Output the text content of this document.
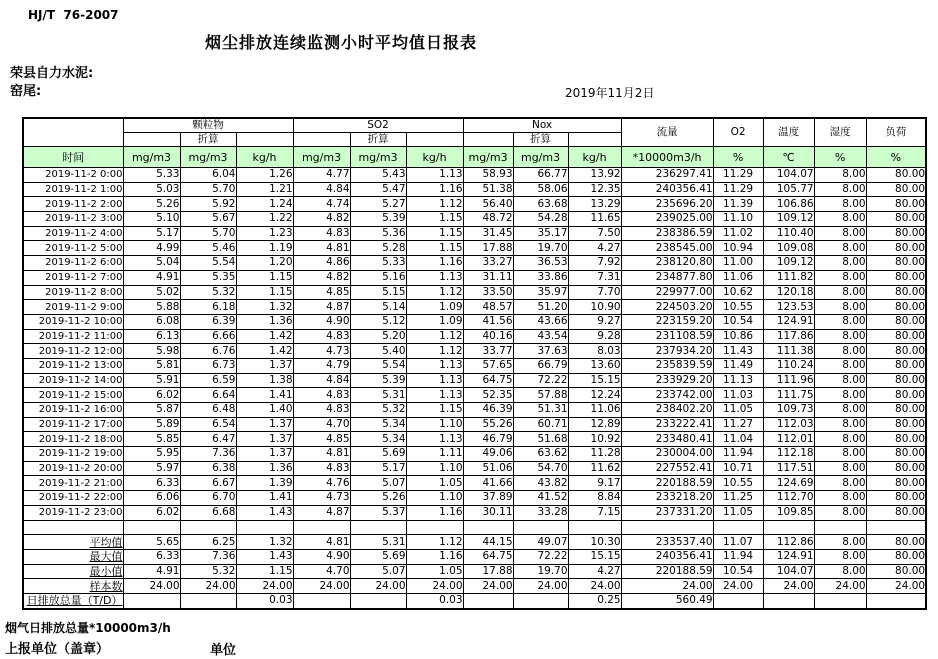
HJ/T  76-2007
烟尘排放连续监测小时平均值日报表
荣县自力水泥:
窑尾:	2019年11月2日
	颗粒物			SO2			Nox			流量	O2	温度	湿度	负荷
		折算			折算			折算						
时间	mg/m3	mg/m3	kg/h	mg/m3	mg/m3	kg/h	mg/m3	mg/m3	kg/h	*10000m3/h	%	℃	%	%

2019-11-2 0:00	5.33	6.04	1.26	4.77	5.43	1.13	58.93	66.77	13.92	236297.41	11.29	104.07	8.00	80.00

2019-11-2 1:00	5.03	5.70	1.21	4.84	5.47	1.16	51.38	58.06	12.35	240356.41	11.29	105.77	8.00	80.00

2019-11-2 2:00	5.26	5.92	1.24	4.74	5.27	1.12	56.40	63.68	13.29	235696.20	11.39	106.86	8.00	80.00

2019-11-2 3:00	5.10	5.67	1.22	4.82	5.39	1.15	48.72	54.28	11.65	239025.00	11.10	109.12	8.00	80.00

2019-11-2 4:00	5.17	5.70	1.23	4.83	5.36	1.15	31.45	35.17	7.50	238386.59	11.02	110.40	8.00	80.00

2019-11-2 5:00	4.99	5.46	1.19	4.81	5.28	1.15	17.88	19.70	4.27	238545.00	10.94	109.08	8.00	80.00

2019-11-2 6:00	5.04	5.54	1.20	4.86	5.33	1.16	33.27	36.53	7.92	238120.80	11.00	109.12	8.00	80.00

2019-11-2 7:00	4.91	5.35	1.15	4.82	5.16	1.13	31.11	33.86	7.31	234877.80	11.06	111.82	8.00	80.00

2019-11-2 8:00	5.02	5.32	1.15	4.85	5.15	1.12	33.50	35.97	7.70	229977.00	10.62	120.18	8.00	80.00

2019-11-2 9:00	5.88	6.18	1.32	4.87	5.14	1.09	48.57	51.20	10.90	224503.20	10.55	123.53	8.00	80.00

2019-11-2 10:00	6.08	6.39	1.36	4.90	5.12	1.09	41.56	43.66	9.27	223159.20	10.54	124.91	8.00	80.00

2019-11-2 11:00	6.13	6.66	1.42	4.83	5.20	1.12	40.16	43.54	9.28	231108.59	10.86	117.86	8.00	80.00

2019-11-2 12:00	5.98	6.76	1.42	4.73	5.40	1.12	33.77	37.63	8.03	237934.20	11.43	111.38	8.00	80.00

2019-11-2 13:00	5.81	6.73	1.37	4.79	5.54	1.13	57.65	66.79	13.60	235839.59	11.49	110.24	8.00	80.00

2019-11-2 14:00	5.91	6.59	1.38	4.84	5.39	1.13	64.75	72.22	15.15	233929.20	11.13	111.96	8.00	80.00

2019-11-2 15:00	6.02	6.64	1.41	4.83	5.31	1.13	52.35	57.88	12.24	233742.00	11.03	111.75	8.00	80.00

2019-11-2 16:00	5.87	6.48	1.40	4.83	5.32	1.15	46.39	51.31	11.06	238402.20	11.05	109.73	8.00	80.00

2019-11-2 17:00	5.89	6.54	1.37	4.70	5.34	1.10	55.26	60.71	12.89	233222.41	11.27	112.03	8.00	80.00

2019-11-2 18:00	5.85	6.47	1.37	4.85	5.34	1.13	46.79	51.68	10.92	233480.41	11.04	112.01	8.00	80.00

2019-11-2 19:00	5.95	7.36	1.37	4.81	5.69	1.11	49.06	63.62	11.28	230004.00	11.94	112.18	8.00	80.00

2019-11-2 20:00	5.97	6.38	1.36	4.83	5.17	1.10	51.06	54.70	11.62	227552.41	10.71	117.51	8.00	80.00

2019-11-2 21:00	6.33	6.67	1.39	4.76	5.07	1.05	41.66	43.82	9.17	220188.59	10.55	124.69	8.00	80.00

2019-11-2 22:00	6.06	6.70	1.41	4.73	5.26	1.10	37.89	41.52	8.84	233218.20	11.25	112.70	8.00	80.00

2019-11-2 23:00	6.02	6.68	1.43	4.87	5.37	1.16	30.11	33.28	7.15	237331.20	11.05	109.85	8.00	80.00

平均值	5.65	6.25	1.32	4.81	5.31	1.12	44.15	49.07	10.30	233537.40	11.07	112.86	8.00	80.00

最大值	6.33	7.36	1.43	4.90	5.69	1.16	64.75	72.22	15.15	240356.41	11.94	124.91	8.00	80.00

最小值	4.91	5.32	1.15	4.70	5.07	1.05	17.88	19.70	4.27	220188.59	10.54	104.07	8.00	80.00

样本数	24.00	24.00	24.00	24.00	24.00	24.00	24.00	24.00	24.00	24.00	24.00	24.00	24.00	24.00

日排放总量（T/D）			0.03			0.03			0.25	560.49				
烟气日排放总量*10000m3/h
上报单位（盖章）	单位
